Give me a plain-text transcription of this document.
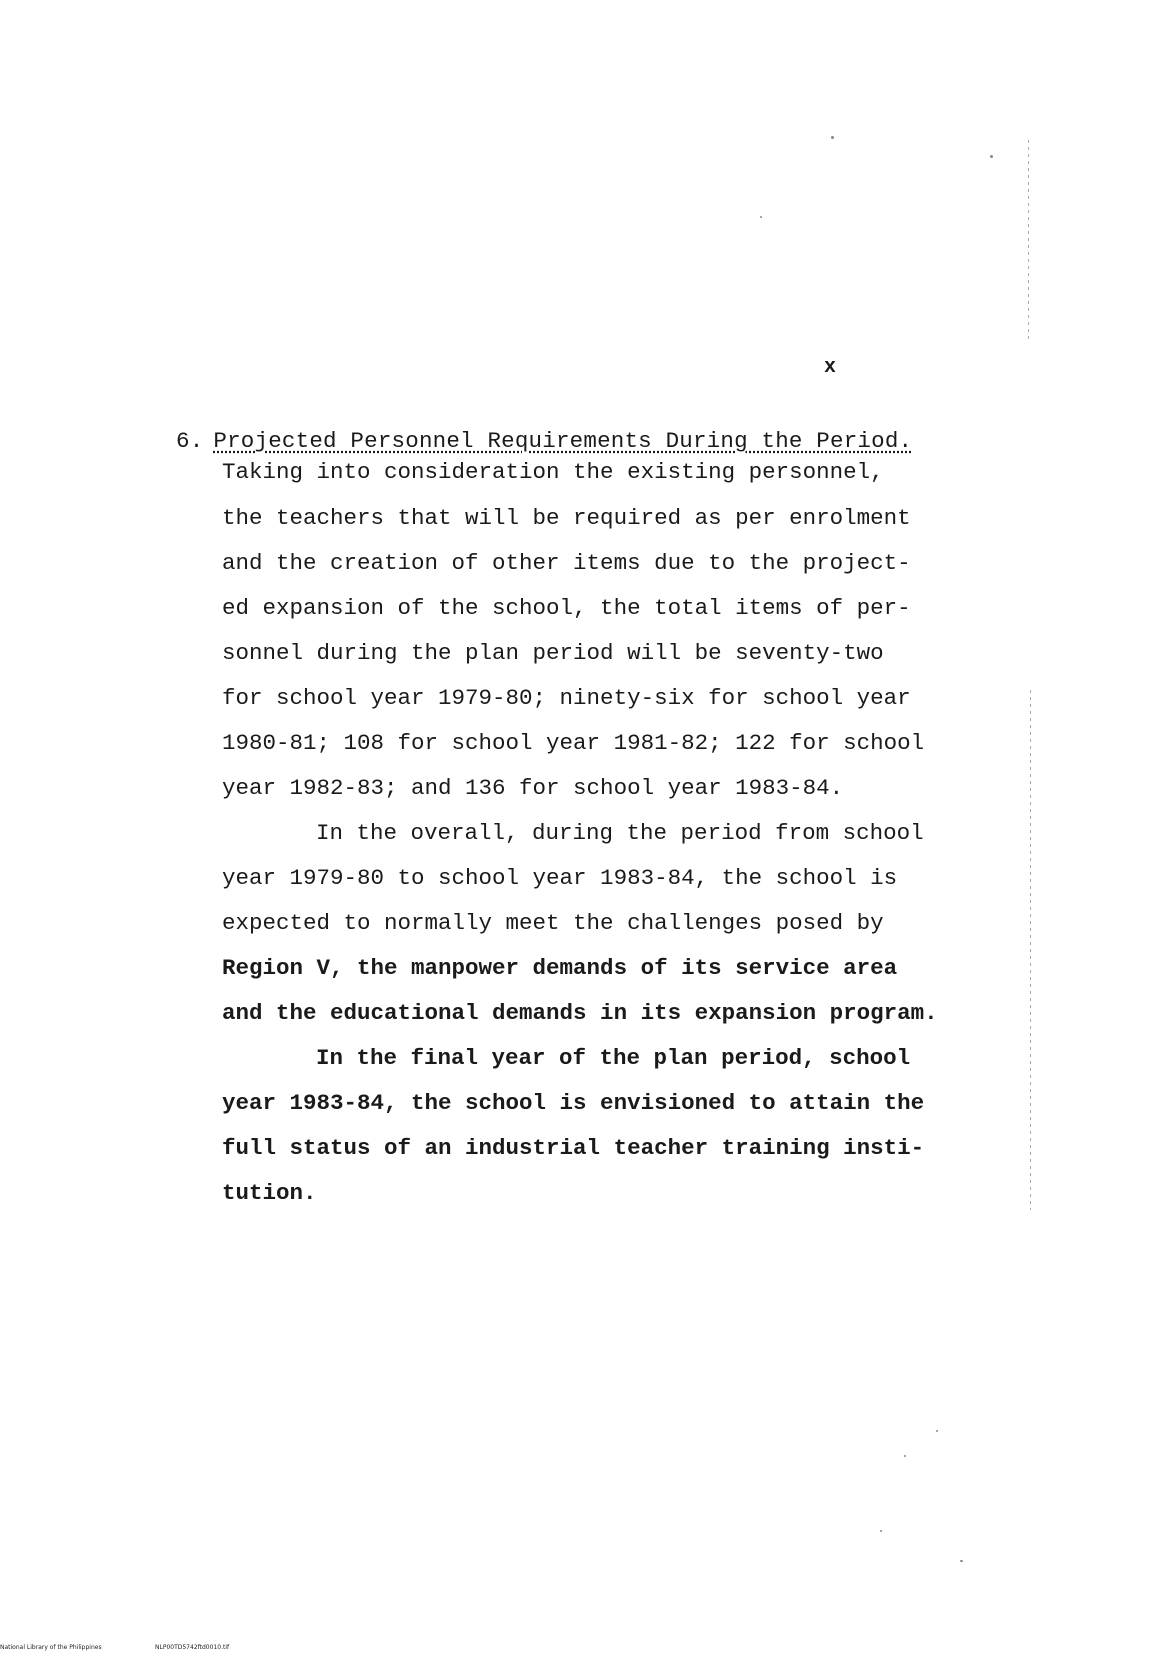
x
6. Projected Personnel Requirements During the Period.
Taking into consideration the existing personnel,
the teachers that will be required as per enrolment
and the creation of other items due to the project-
ed expansion of the school, the total items of per-
sonnel during the plan period will be seventy-two
for school year 1979-80; ninety-six for school year
1980-81; 108 for school year 1981-82; 122 for school
year 1982-83; and 136 for school year 1983-84.
In the overall, during the period from school
year 1979-80 to school year 1983-84, the school is
expected to normally meet the challenges posed by
Region V, the manpower demands of its service area
and the educational demands in its expansion program.
In the final year of the plan period, school
year 1983-84, the school is envisioned to attain the
full status of an industrial teacher training insti-
tution.
National Library of the Philippines	NLP00TD5742ftd0010.tif
